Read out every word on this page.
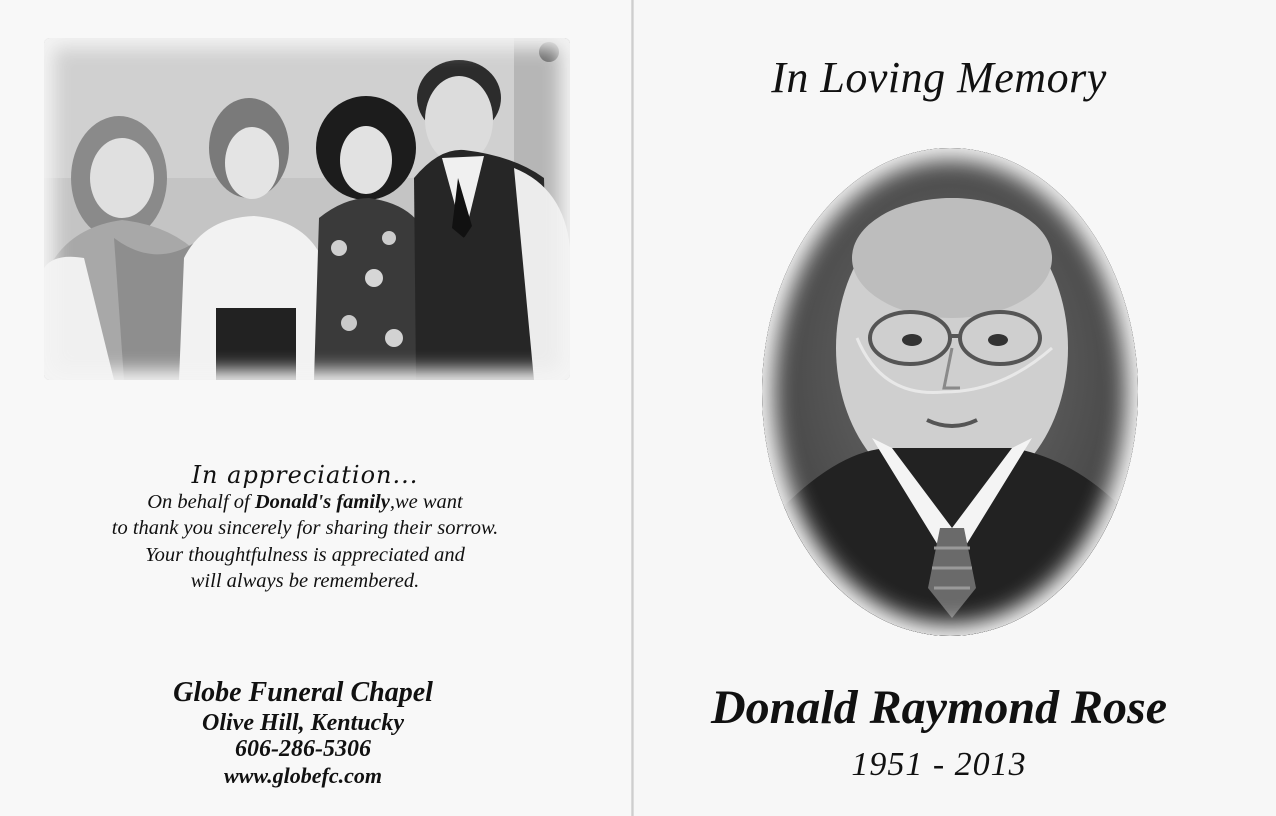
In appreciation...
On behalf of Donald's family,we want
to thank you sincerely for sharing their sorrow.
Your thoughtfulness is appreciated and
will always be remembered.
Globe Funeral Chapel
Olive Hill, Kentucky
606-286-5306
www.globefc.com
In Loving Memory
Donald Raymond Rose
1951 - 2013
